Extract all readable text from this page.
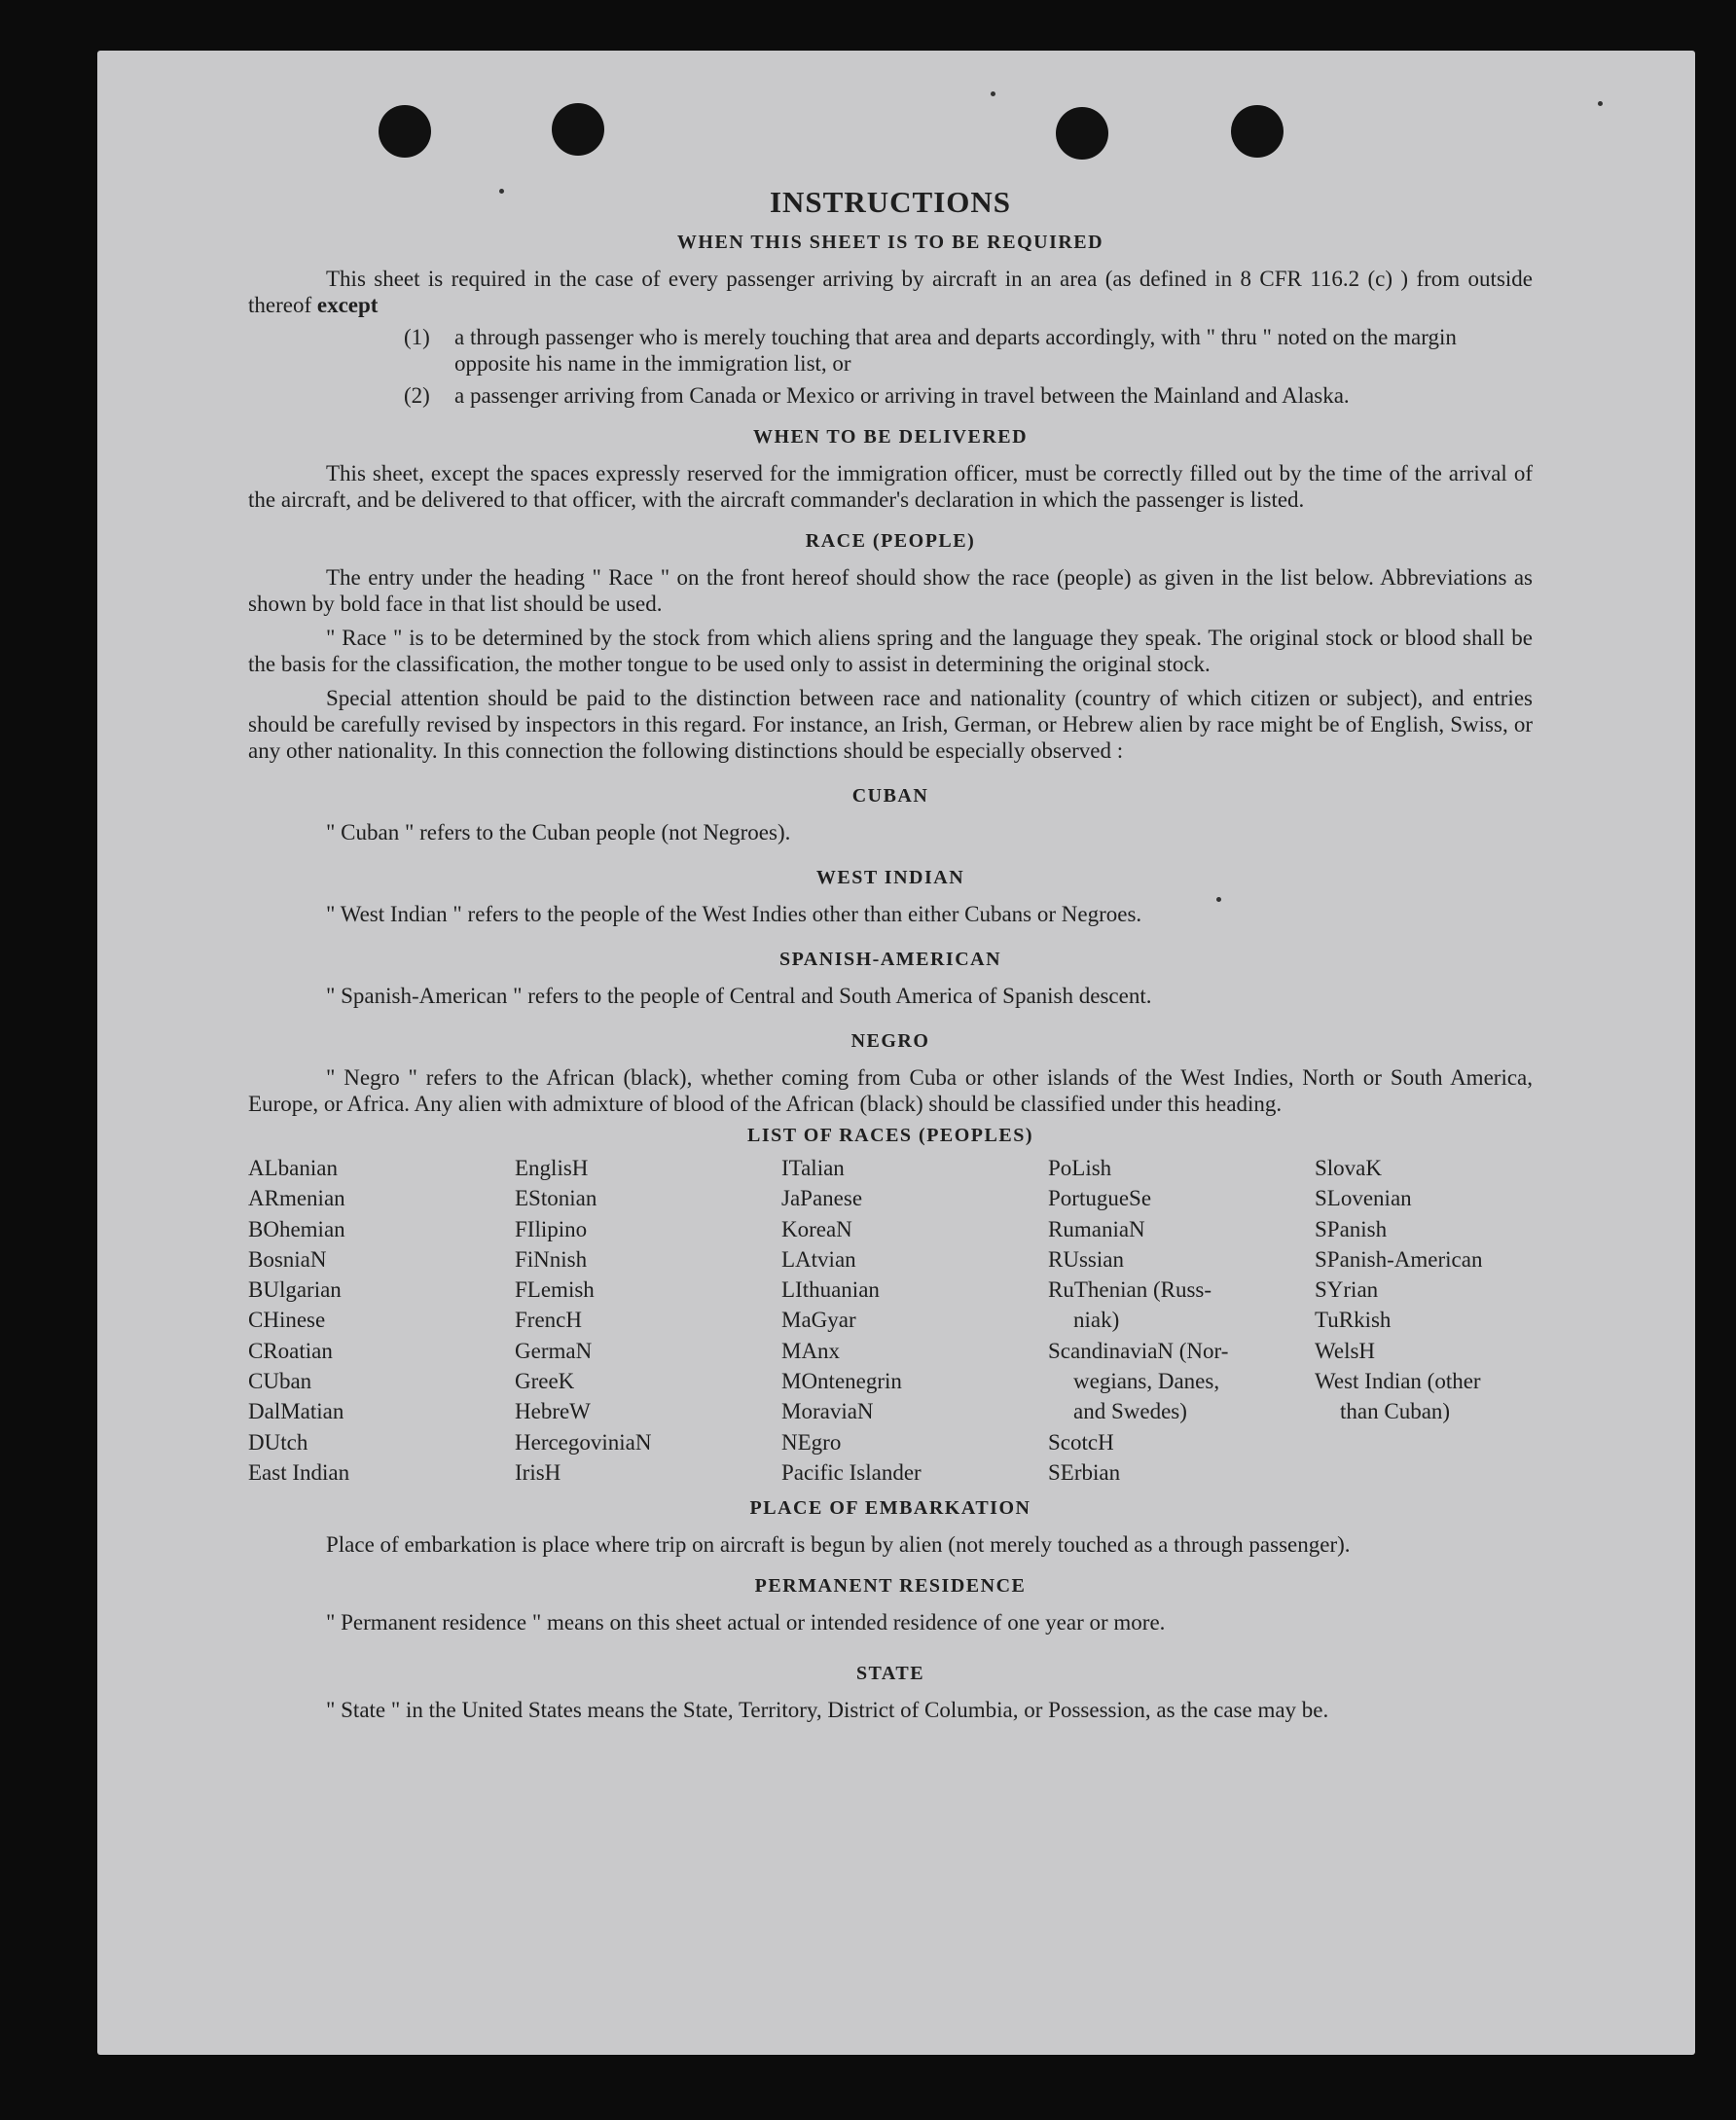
INSTRUCTIONS
WHEN THIS SHEET IS TO BE REQUIRED

This sheet is required in the case of every passenger arriving by aircraft in an area (as defined in 8 CFR 116.2 (c) ) from outside thereof except

(1)	a through passenger who is merely touching that area and departs accordingly, with " thru " noted on the margin opposite his name in the immigration list, or
(2)	a passenger arriving from Canada or Mexico or arriving in travel between the Mainland and Alaska.
WHEN TO BE DELIVERED

This sheet, except the spaces expressly reserved for the immigration officer, must be correctly filled out by the time of the arrival of the aircraft, and be delivered to that officer, with the aircraft commander's declaration in which the passenger is listed.

RACE (PEOPLE)

The entry under the heading " Race " on the front hereof should show the race (people) as given in the list below. Abbreviations as shown by bold face in that list should be used.

" Race " is to be determined by the stock from which aliens spring and the language they speak. The original stock or blood shall be the basis for the classification, the mother tongue to be used only to assist in determining the original stock.

Special attention should be paid to the distinction between race and nationality (country of which citizen or subject), and entries should be carefully revised by inspectors in this regard. For instance, an Irish, German, or Hebrew alien by race might be of English, Swiss, or any other nationality. In this connection the following distinctions should be especially observed :

CUBAN
" Cuban " refers to the Cuban people (not Negroes).
WEST INDIAN
" West Indian " refers to the people of the West Indies other than either Cubans or Negroes.
SPANISH-AMERICAN
" Spanish-American " refers to the people of Central and South America of Spanish descent.
NEGRO

" Negro " refers to the African (black), whether coming from Cuba or other islands of the West Indies, North or South America, Europe, or Africa. Any alien with admixture of blood of the African (black) should be classified under this heading.

LIST OF RACES (PEOPLES)
ALbanian
ARmenian
BOhemian
BosniaN
BUlgarian
CHinese
CRoatian
CUban
DalMatian
DUtch
East Indian
EnglisH
EStonian
FIlipino
FiNnish
FLemish
FrencH
GermaN
GreeK
HebreW
HercegoviniaN
IrisH
ITalian
JaPanese
KoreaN
LAtvian
LIthuanian
MaGyar
MAnx
MOntenegrin
MoraviaN
NEgro
Pacific Islander
PoLish
PortugueSe
RumaniaN
RUssian
RuThenian (Russ-
niak)
ScandinaviaN (Nor-
wegians, Danes,
and Swedes)
ScotcH
SErbian
SlovaK
SLovenian
SPanish
SPanish-American
SYrian
TuRkish
WelsH
West Indian (other
than Cuban)
PLACE OF EMBARKATION

Place of embarkation is place where trip on aircraft is begun by alien (not merely touched as a through passenger).

PERMANENT RESIDENCE
" Permanent residence " means on this sheet actual or intended residence of one year or more.
STATE

" State " in the United States means the State, Territory, District of Columbia, or Possession, as the case may be.
